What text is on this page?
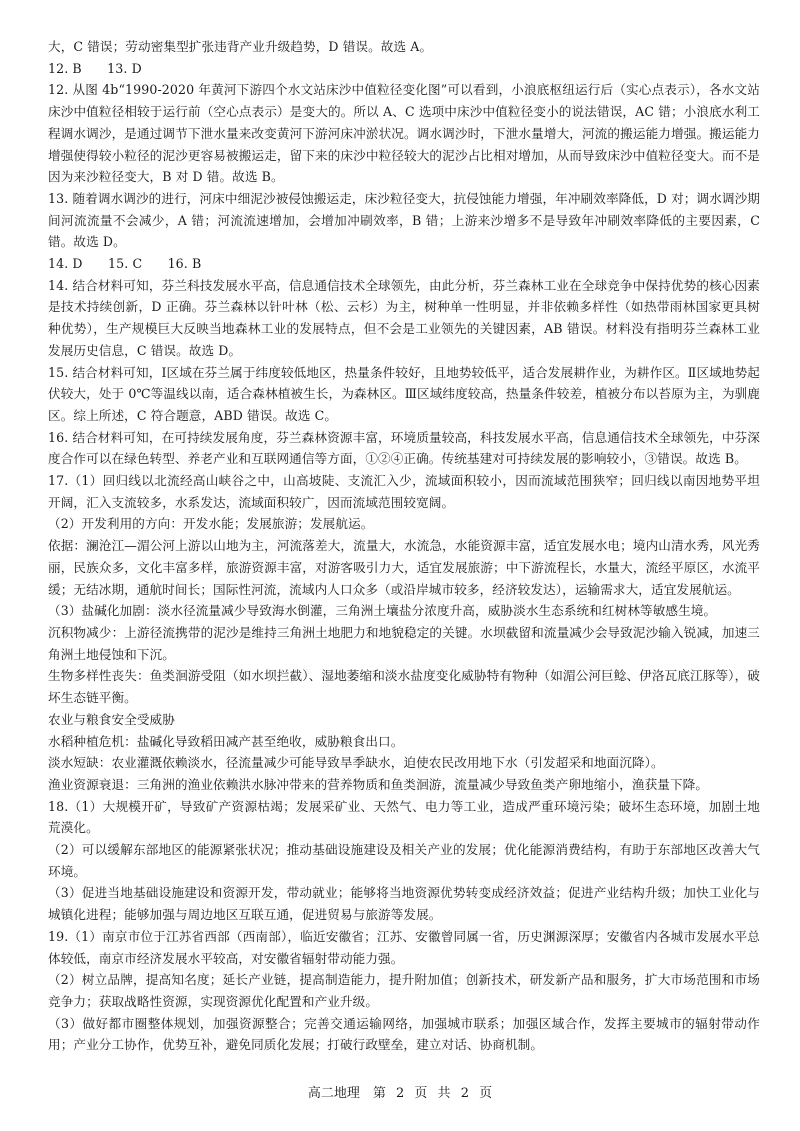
大，C 错误；劳动密集型扩张违背产业升级趋势，D 错误。故选 A。

12. B　　13. D

12. 从图 4b“1990-2020 年黄河下游四个水文站床沙中值粒径变化图”可以看到，小浪底枢纽运行后（实心点表示），各水文站床沙中值粒径相较于运行前（空心点表示）是变大的。所以 A、C 选项中床沙中值粒径变小的说法错误，AC 错；小浪底水利工程调水调沙，是通过调节下泄水量来改变黄河下游河床冲淤状况。调水调沙时，下泄水量增大，河流的搬运能力增强。搬运能力增强使得较小粒径的泥沙更容易被搬运走，留下来的床沙中粒径较大的泥沙占比相对增加，从而导致床沙中值粒径变大。而不是因为来沙粒径变大，B 对 D 错。故选 B。

13. 随着调水调沙的进行，河床中细泥沙被侵蚀搬运走，床沙粒径变大，抗侵蚀能力增强，年冲刷效率降低，D 对；调水调沙期间河流流量不会减少，A 错；河流流速增加，会增加冲刷效率，B 错；上游来沙增多不是导致年冲刷效率降低的主要因素，C 错。故选 D。

14. D　　15. C　　16. B

14. 结合材料可知，芬兰科技发展水平高，信息通信技术全球领先，由此分析，芬兰森林工业在全球竞争中保持优势的核心因素是技术持续创新，D 正确。芬兰森林以针叶林（松、云杉）为主，树种单一性明显，并非依赖多样性（如热带雨林国家更具树种优势），生产规模巨大反映当地森林工业的发展特点，但不会是工业领先的关键因素，AB 错误。材料没有指明芬兰森林工业发展历史信息，C 错误。故选 D。

15. 结合材料可知，Ⅰ区域在芬兰属于纬度较低地区，热量条件较好，且地势较低平，适合发展耕作业，为耕作区。Ⅱ区域地势起伏较大，处于 0℃等温线以南，适合森林植被生长，为森林区。Ⅲ区域纬度较高，热量条件较差，植被分布以苔原为主，为驯鹿区。综上所述，C 符合题意，ABD 错误。故选 C。

16. 结合材料可知，在可持续发展角度，芬兰森林资源丰富，环境质量较高，科技发展水平高，信息通信技术全球领先，中芬深度合作可以在绿色转型、养老产业和互联网通信等方面，①②④正确。传统基建对可持续发展的影响较小，③错误。故选 B。

17.（1）回归线以北流经高山峡谷之中，山高坡陡、支流汇入少，流域面积较小，因而流域范围狭窄；回归线以南因地势平坦开阔，汇入支流较多，水系发达，流域面积较广，因而流域范围较宽阔。

（2）开发利用的方向：开发水能；发展旅游；发展航运。

依据：澜沧江—湄公河上游以山地为主，河流落差大，流量大，水流急，水能资源丰富，适宜发展水电；境内山清水秀，风光秀丽，民族众多，文化丰富多样，旅游资源丰富，对游客吸引力大，适宜发展旅游；中下游流程长，水量大，流经平原区，水流平缓；无结冰期，通航时间长；国际性河流，流域内人口众多（或沿岸城市较多，经济较发达），运输需求大，适宜发展航运。

（3）盐碱化加剧：淡水径流量减少导致海水倒灌，三角洲土壤盐分浓度升高，威胁淡水生态系统和红树林等敏感生境。

沉积物减少：上游径流携带的泥沙是维持三角洲土地肥力和地貌稳定的关键。水坝截留和流量减少会导致泥沙输入锐减，加速三角洲土地侵蚀和下沉。

生物多样性丧失：鱼类洄游受阻（如水坝拦截）、湿地萎缩和淡水盐度变化威胁特有物种（如湄公河巨鲶、伊洛瓦底江豚等），破坏生态链平衡。

农业与粮食安全受威胁

水稻种植危机：盐碱化导致稻田减产甚至绝收，威胁粮食出口。

淡水短缺：农业灌溉依赖淡水，径流量减少可能导致旱季缺水，迫使农民改用地下水（引发超采和地面沉降）。

渔业资源衰退：三角洲的渔业依赖洪水脉冲带来的营养物质和鱼类洄游，流量减少导致鱼类产卵地缩小，渔获量下降。

18.（1）大规模开矿，导致矿产资源枯竭；发展采矿业、天然气、电力等工业，造成严重环境污染；破坏生态环境，加剧土地荒漠化。

（2）可以缓解东部地区的能源紧张状况；推动基础设施建设及相关产业的发展；优化能源消费结构，有助于东部地区改善大气环境。

（3）促进当地基础设施建设和资源开发，带动就业；能够将当地资源优势转变成经济效益；促进产业结构升级；加快工业化与城镇化进程；能够加强与周边地区互联互通，促进贸易与旅游等发展。

19.（1）南京市位于江苏省西部（西南部），临近安徽省；江苏、安徽曾同属一省，历史渊源深厚；安徽省内各城市发展水平总体较低，南京市经济发展水平较高，对安徽省辐射带动能力强。

（2）树立品牌，提高知名度；延长产业链，提高制造能力，提升附加值；创新技术，研发新产品和服务，扩大市场范围和市场竞争力；获取战略性资源，实现资源优化配置和产业升级。

（3）做好都市圈整体规划，加强资源整合；完善交通运输网络，加强城市联系；加强区域合作，发挥主要城市的辐射带动作用；产业分工协作，优势互补，避免同质化发展；打破行政壁垒，建立对话、协商机制。

高二地理　第 2 页 共 2 页
